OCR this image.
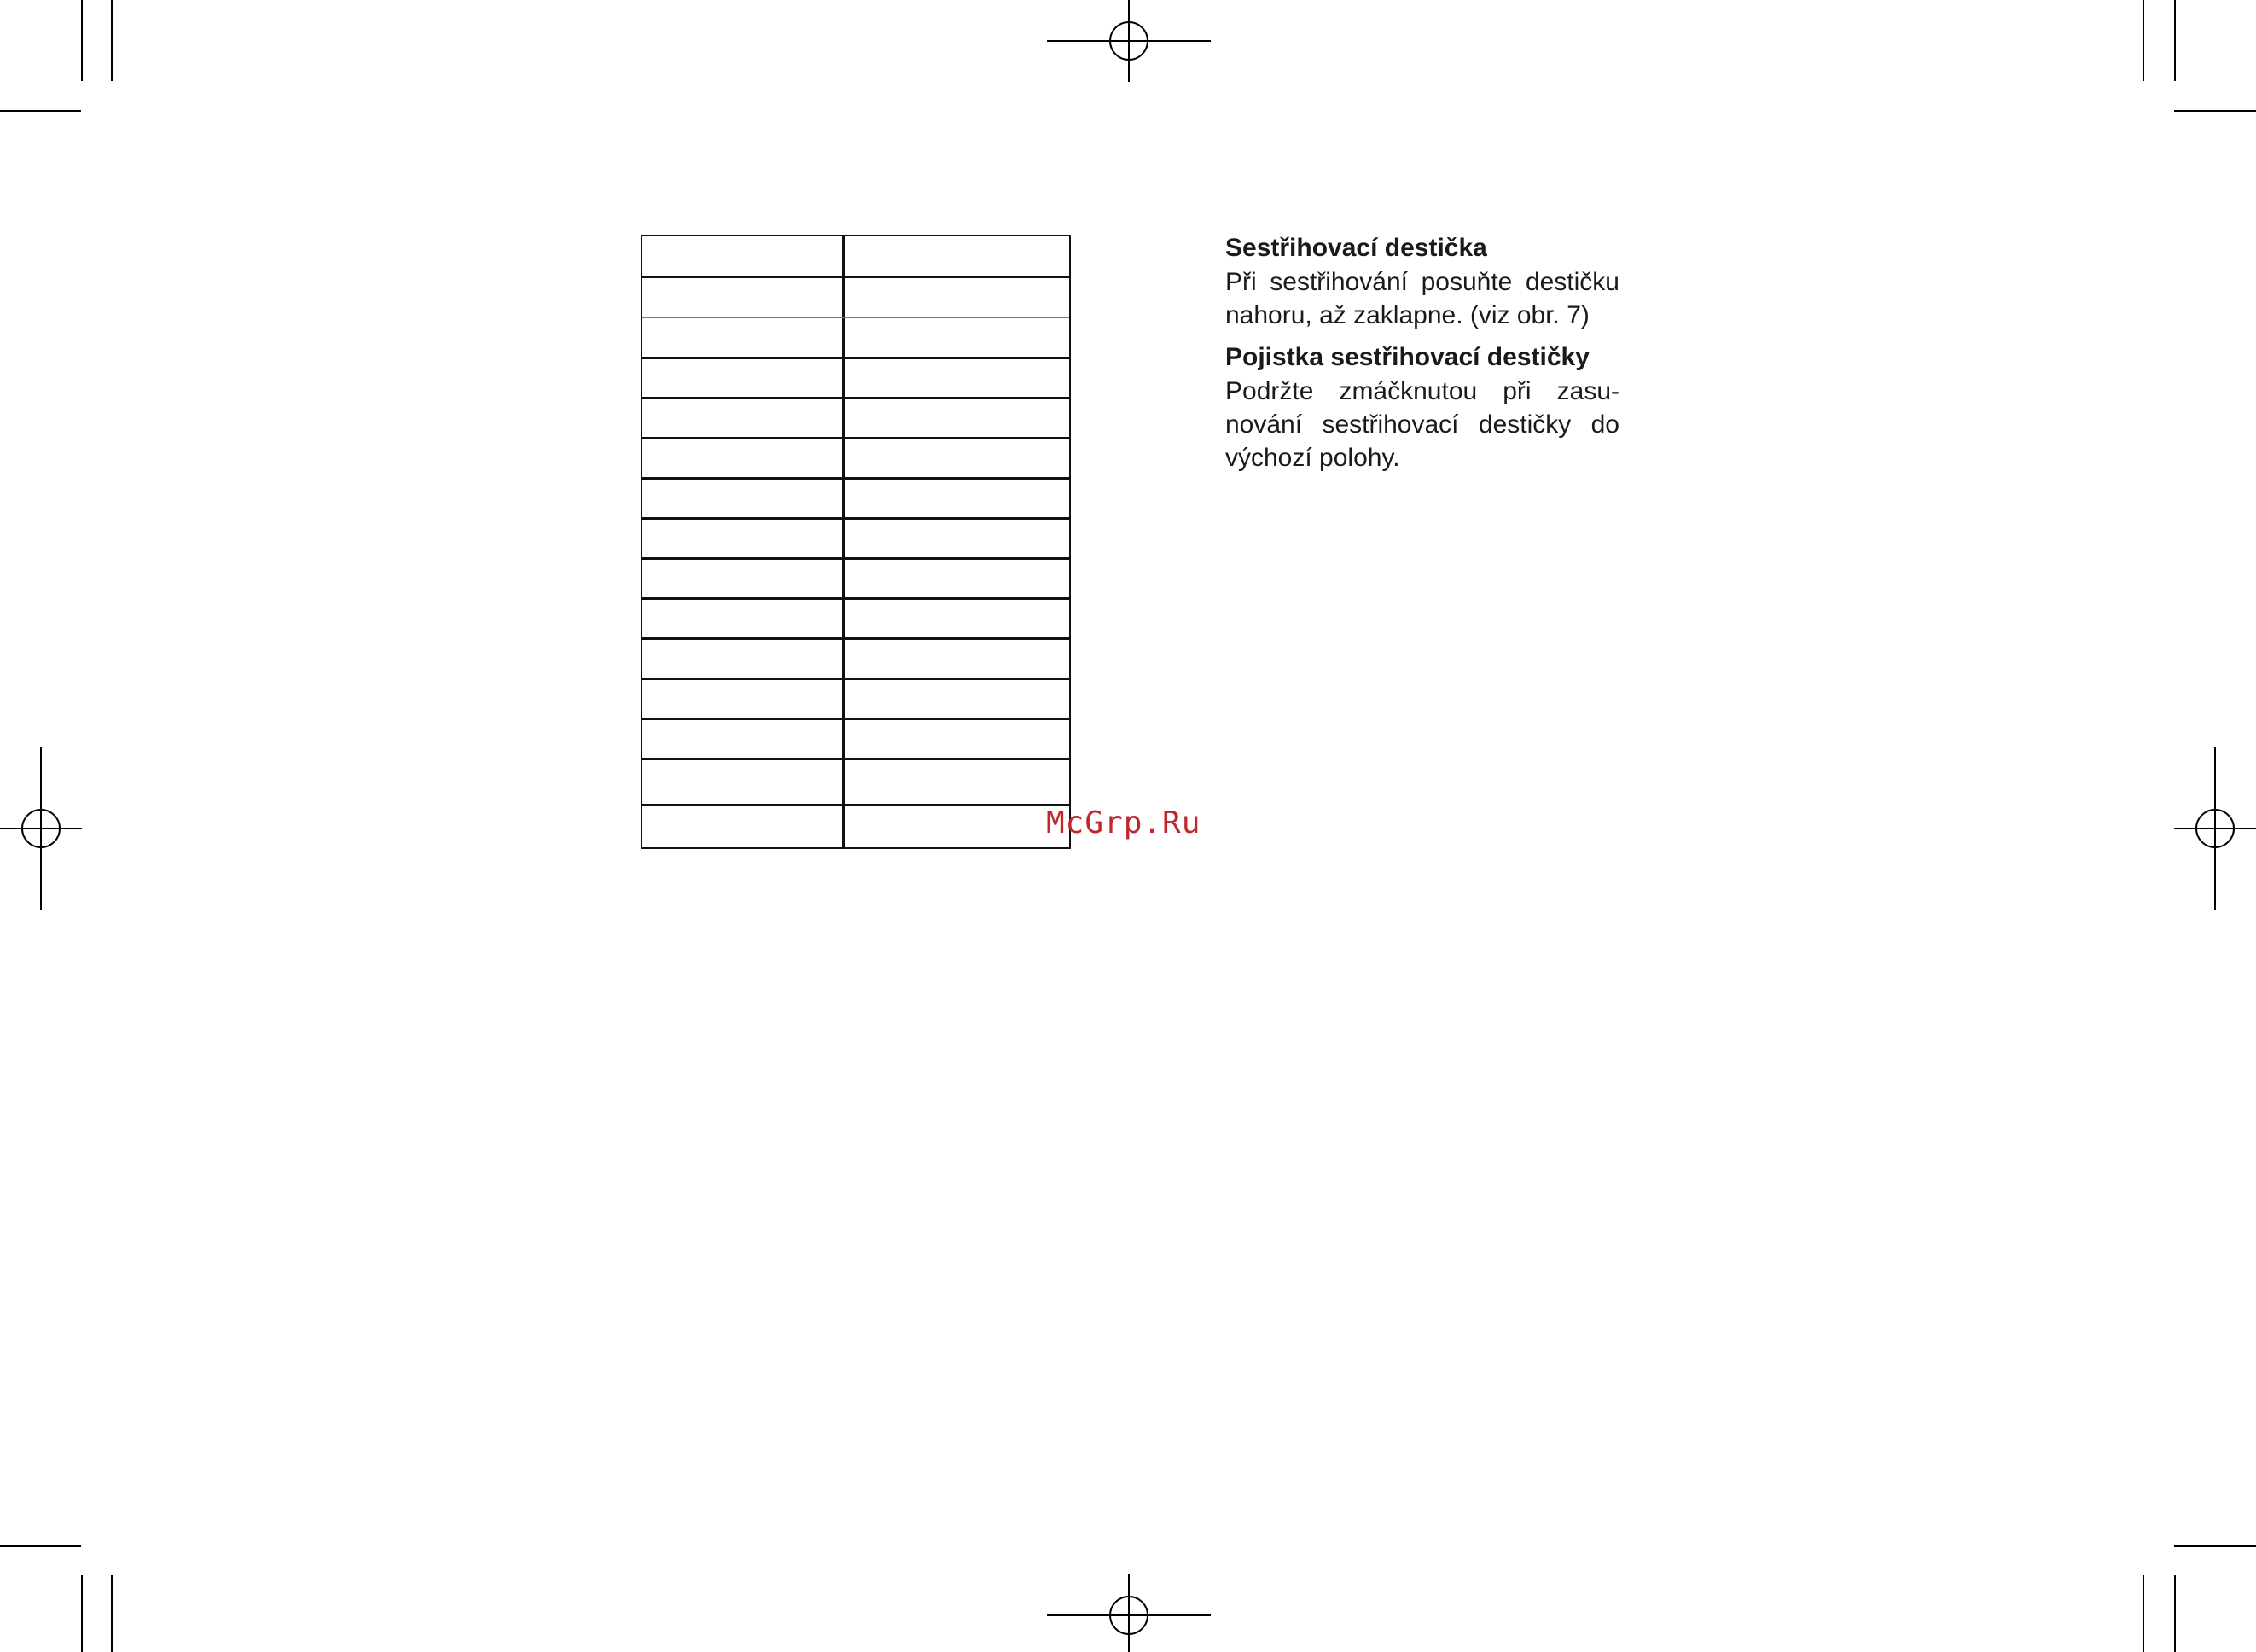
Sestřihovací destička

Při sestřihování posuňte destičku nahoru, až zaklapne. (viz obr. 7)

Pojistka sestřihovací destičky

Podržte zmáčknutou při zasu-nování sestřihovací destičky do výchozí polohy.

McGrp.Ru
